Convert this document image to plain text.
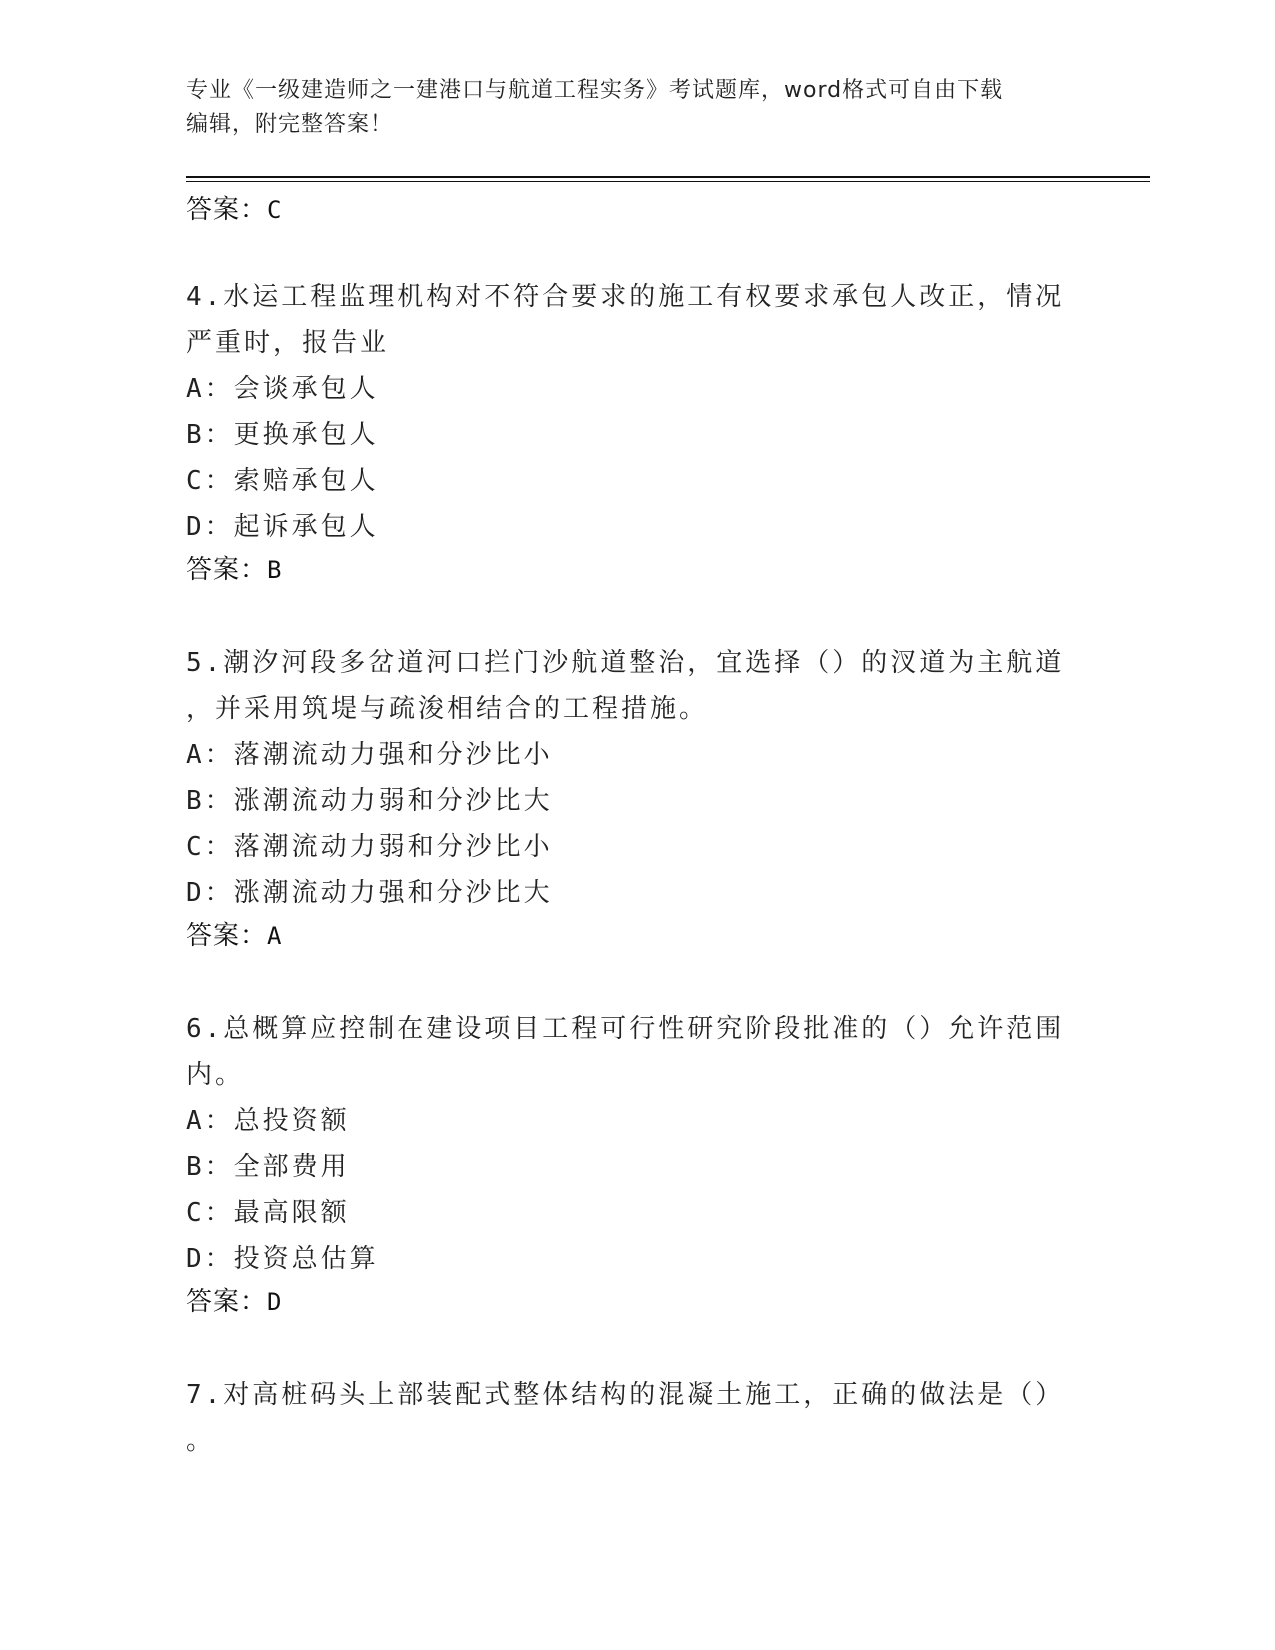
专业《一级建造师之一建港口与航道工程实务》考试题库，word格式可自由下载
编辑，附完整答案！
答案：C
4.水运工程监理机构对不符合要求的施工有权要求承包人改正，情况
严重时，报告业
A：会谈承包人
B：更换承包人
C：索赔承包人
D：起诉承包人
答案：B
5.潮汐河段多岔道河口拦门沙航道整治，宜选择（）的汊道为主航道
，并采用筑堤与疏浚相结合的工程措施。
A：落潮流动力强和分沙比小
B：涨潮流动力弱和分沙比大
C：落潮流动力弱和分沙比小
D：涨潮流动力强和分沙比大
答案：A
6.总概算应控制在建设项目工程可行性研究阶段批准的（）允许范围
内。
A：总投资额
B：全部费用
C：最高限额
D：投资总估算
答案：D
7.对高桩码头上部装配式整体结构的混凝土施工，正确的做法是（）
。
